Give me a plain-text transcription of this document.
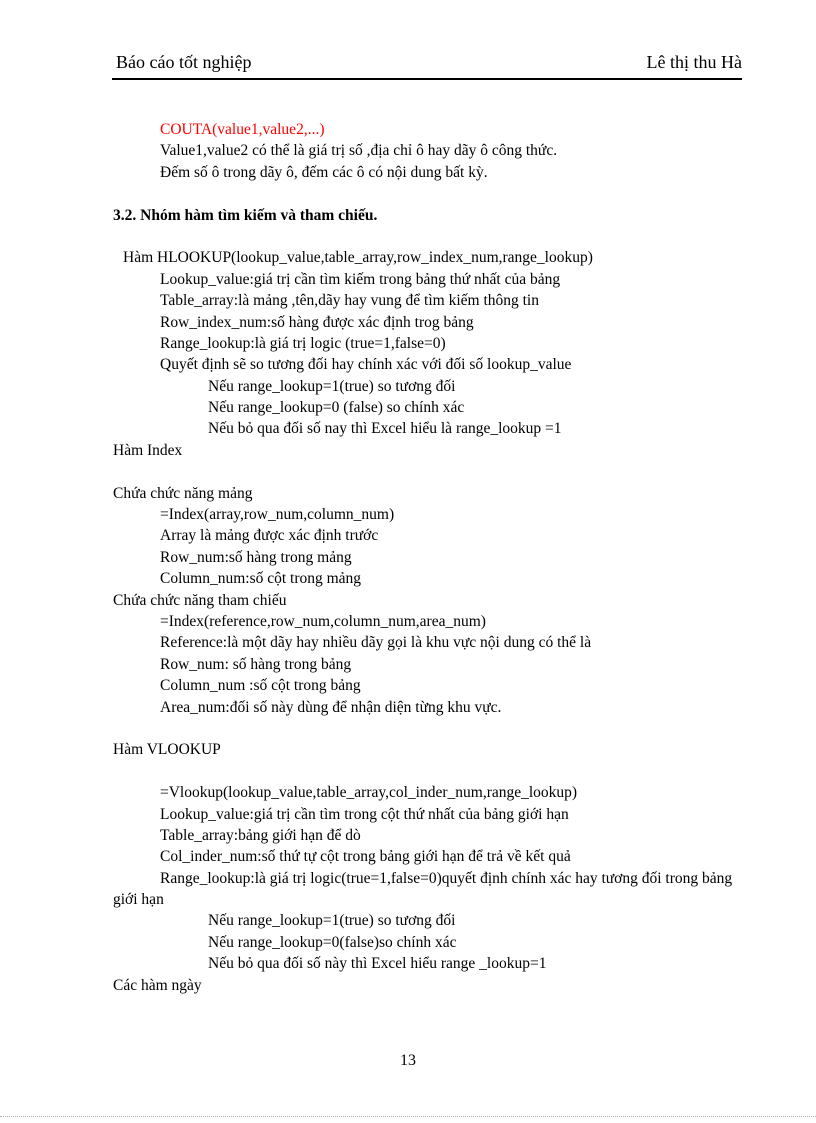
Báo cáo tốt nghiệp	Lê thị thu Hà
COUTA(value1,value2,...)
Value1,value2 có thể là giá trị số ,địa chỉ ô hay dãy ô công thức.
Đếm số ô trong dãy ô, đếm các ô có nội dung bất kỳ.
3.2. Nhóm hàm tìm kiếm và tham chiếu.
Hàm HLOOKUP(lookup_value,table_array,row_index_num,range_lookup)
Lookup_value:giá trị cần tìm kiếm trong bảng thứ nhất của bảng
Table_array:là mảng ,tên,dãy hay vung để tìm kiếm thông tin
Row_index_num:số hàng được xác định trog bảng
Range_lookup:là giá trị logic (true=1,false=0)
Quyết định sẽ so tương đối hay chính xác với đối số lookup_value
Nếu range_lookup=1(true) so tương đối
Nếu range_lookup=0 (false) so chính xác
Nếu bỏ qua đối số nay thì Excel hiểu là range_lookup =1
Hàm Index
Chứa chức năng mảng
=Index(array,row_num,column_num)
Array là mảng được xác định trước
Row_num:số hàng trong mảng
Column_num:số cột trong mảng
Chứa chức năng tham chiếu
=Index(reference,row_num,column_num,area_num)
Reference:là một dãy hay nhiều dãy gọi là khu vực nội dung có thể là
Row_num: số hàng trong bảng
Column_num :số cột trong bảng
Area_num:đối số này dùng để nhận diện từng khu vực.
Hàm VLOOKUP
=Vlookup(lookup_value,table_array,col_inder_num,range_lookup)
Lookup_value:giá trị cần tìm trong cột thứ nhất của bảng giới hạn
Table_array:bảng giới hạn để dò
Col_inder_num:số thứ tự cột trong bảng giới hạn để trả về kết quả
Range_lookup:là giá trị logic(true=1,false=0)quyết định chính xác hay tương đối trong bảng giới hạn
Nếu range_lookup=1(true) so tương đối
Nếu range_lookup=0(false)so chính xác
Nếu bỏ qua đối số này thì Excel hiểu range _lookup=1
Các hàm ngày
13
